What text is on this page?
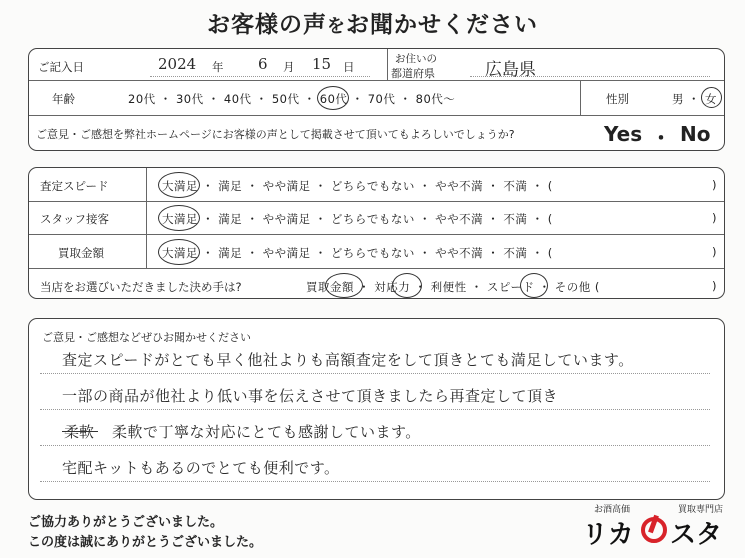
お客様の声をお聞かせください
ご記入日	2024 年 6 月 15 日
お住いの
都道府県	広島県
年齢	20代 ・ 30代 ・ 40代 ・ 50代 ・ 60代 ・ 70代 ・ 80代〜	性別	男 ・ 女
ご意見・ご感想を弊社ホームページにお客様の声として掲載させて頂いてもよろしいでしょうか?	Yes ・ No
査定スピード	大満足 ・ 満足 ・ やや満足 ・ どちらでもない ・ やや不満 ・ 不満 ・ (	)
スタッフ接客	大満足 ・ 満足 ・ やや満足 ・ どちらでもない ・ やや不満 ・ 不満 ・ (	)
買取金額	大満足 ・ 満足 ・ やや満足 ・ どちらでもない ・ やや不満 ・ 不満 ・ (	)
当店をお選びいただきました決め手は?	買取金額 ・ 対応力 ・ 利便性 ・ スピード ・ その他 (	)
ご意見・ご感想などぜひお聞かせください
査定スピードがとても早く他社よりも高額査定をして頂きとても満足しています。
一部の商品が他社より低い事を伝えさせて頂きましたら再査定して頂き
柔軟 柔軟で丁寧な対応にとても感謝しています。
宅配キットもあるのでとても便利です。
ご協力ありがとうございました。
この度は誠にありがとうございました。
お酒高価	買取専門店
リカ スタ
